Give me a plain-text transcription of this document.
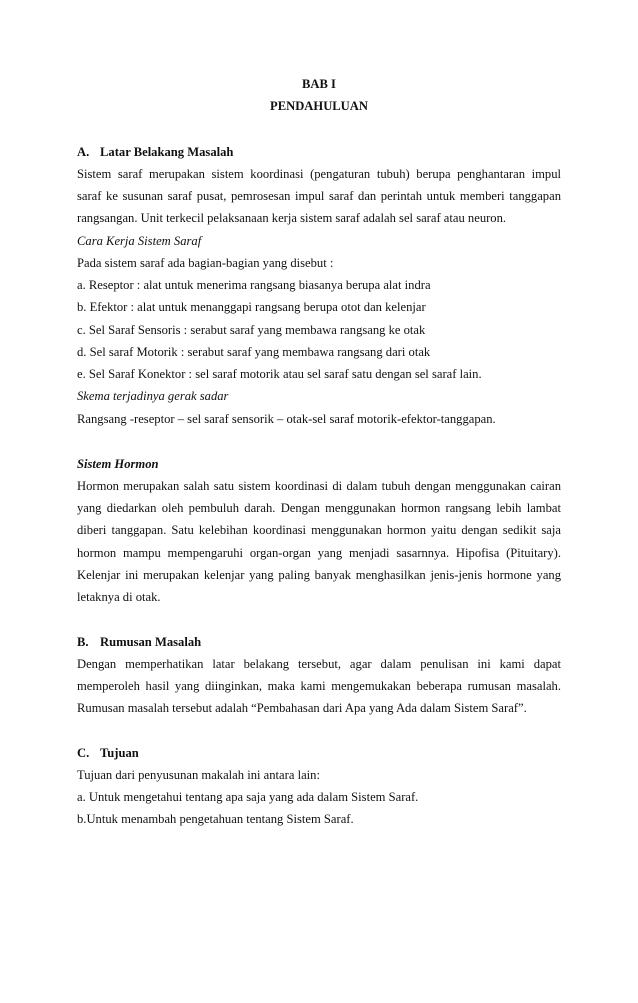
BAB I
PENDAHULUAN
A. Latar Belakang Masalah
Sistem saraf merupakan sistem koordinasi (pengaturan tubuh) berupa penghantaran impul
saraf ke susunan saraf pusat, pemrosesan impul saraf dan perintah untuk memberi tanggapan
rangsangan. Unit terkecil pelaksanaan kerja sistem saraf adalah sel saraf atau neuron.
Cara Kerja Sistem Saraf
Pada sistem saraf ada bagian-bagian yang disebut :
a. Reseptor : alat untuk menerima rangsang biasanya berupa alat indra
b. Efektor : alat untuk menanggapi rangsang berupa otot dan kelenjar
c. Sel Saraf Sensoris : serabut saraf yang membawa rangsang ke otak
d. Sel saraf Motorik : serabut saraf yang membawa rangsang dari otak
e. Sel Saraf Konektor : sel saraf motorik atau sel saraf satu dengan sel saraf lain.
Skema terjadinya gerak sadar
Rangsang -reseptor – sel saraf sensorik – otak-sel saraf motorik-efektor-tanggapan.
Sistem Hormon
Hormon merupakan salah satu sistem koordinasi di dalam tubuh dengan menggunakan cairan
yang diedarkan oleh pembuluh darah. Dengan menggunakan hormon rangsang lebih lambat
diberi tanggapan. Satu kelebihan koordinasi menggunakan hormon yaitu dengan sedikit saja
hormon mampu mempengaruhi organ-organ yang menjadi sasarnnya. Hipofisa (Pituitary).
Kelenjar ini merupakan kelenjar yang paling banyak menghasilkan jenis-jenis hormone yang
letaknya di otak.
B. Rumusan Masalah
Dengan memperhatikan latar belakang tersebut, agar dalam penulisan ini kami dapat
memperoleh hasil yang diinginkan, maka kami mengemukakan beberapa rumusan masalah.
Rumusan masalah tersebut adalah “Pembahasan dari Apa yang Ada dalam Sistem Saraf”.
C. Tujuan
Tujuan dari penyusunan makalah ini antara lain:
a. Untuk mengetahui tentang apa saja yang ada dalam Sistem Saraf.
b.Untuk menambah pengetahuan tentang Sistem Saraf.
